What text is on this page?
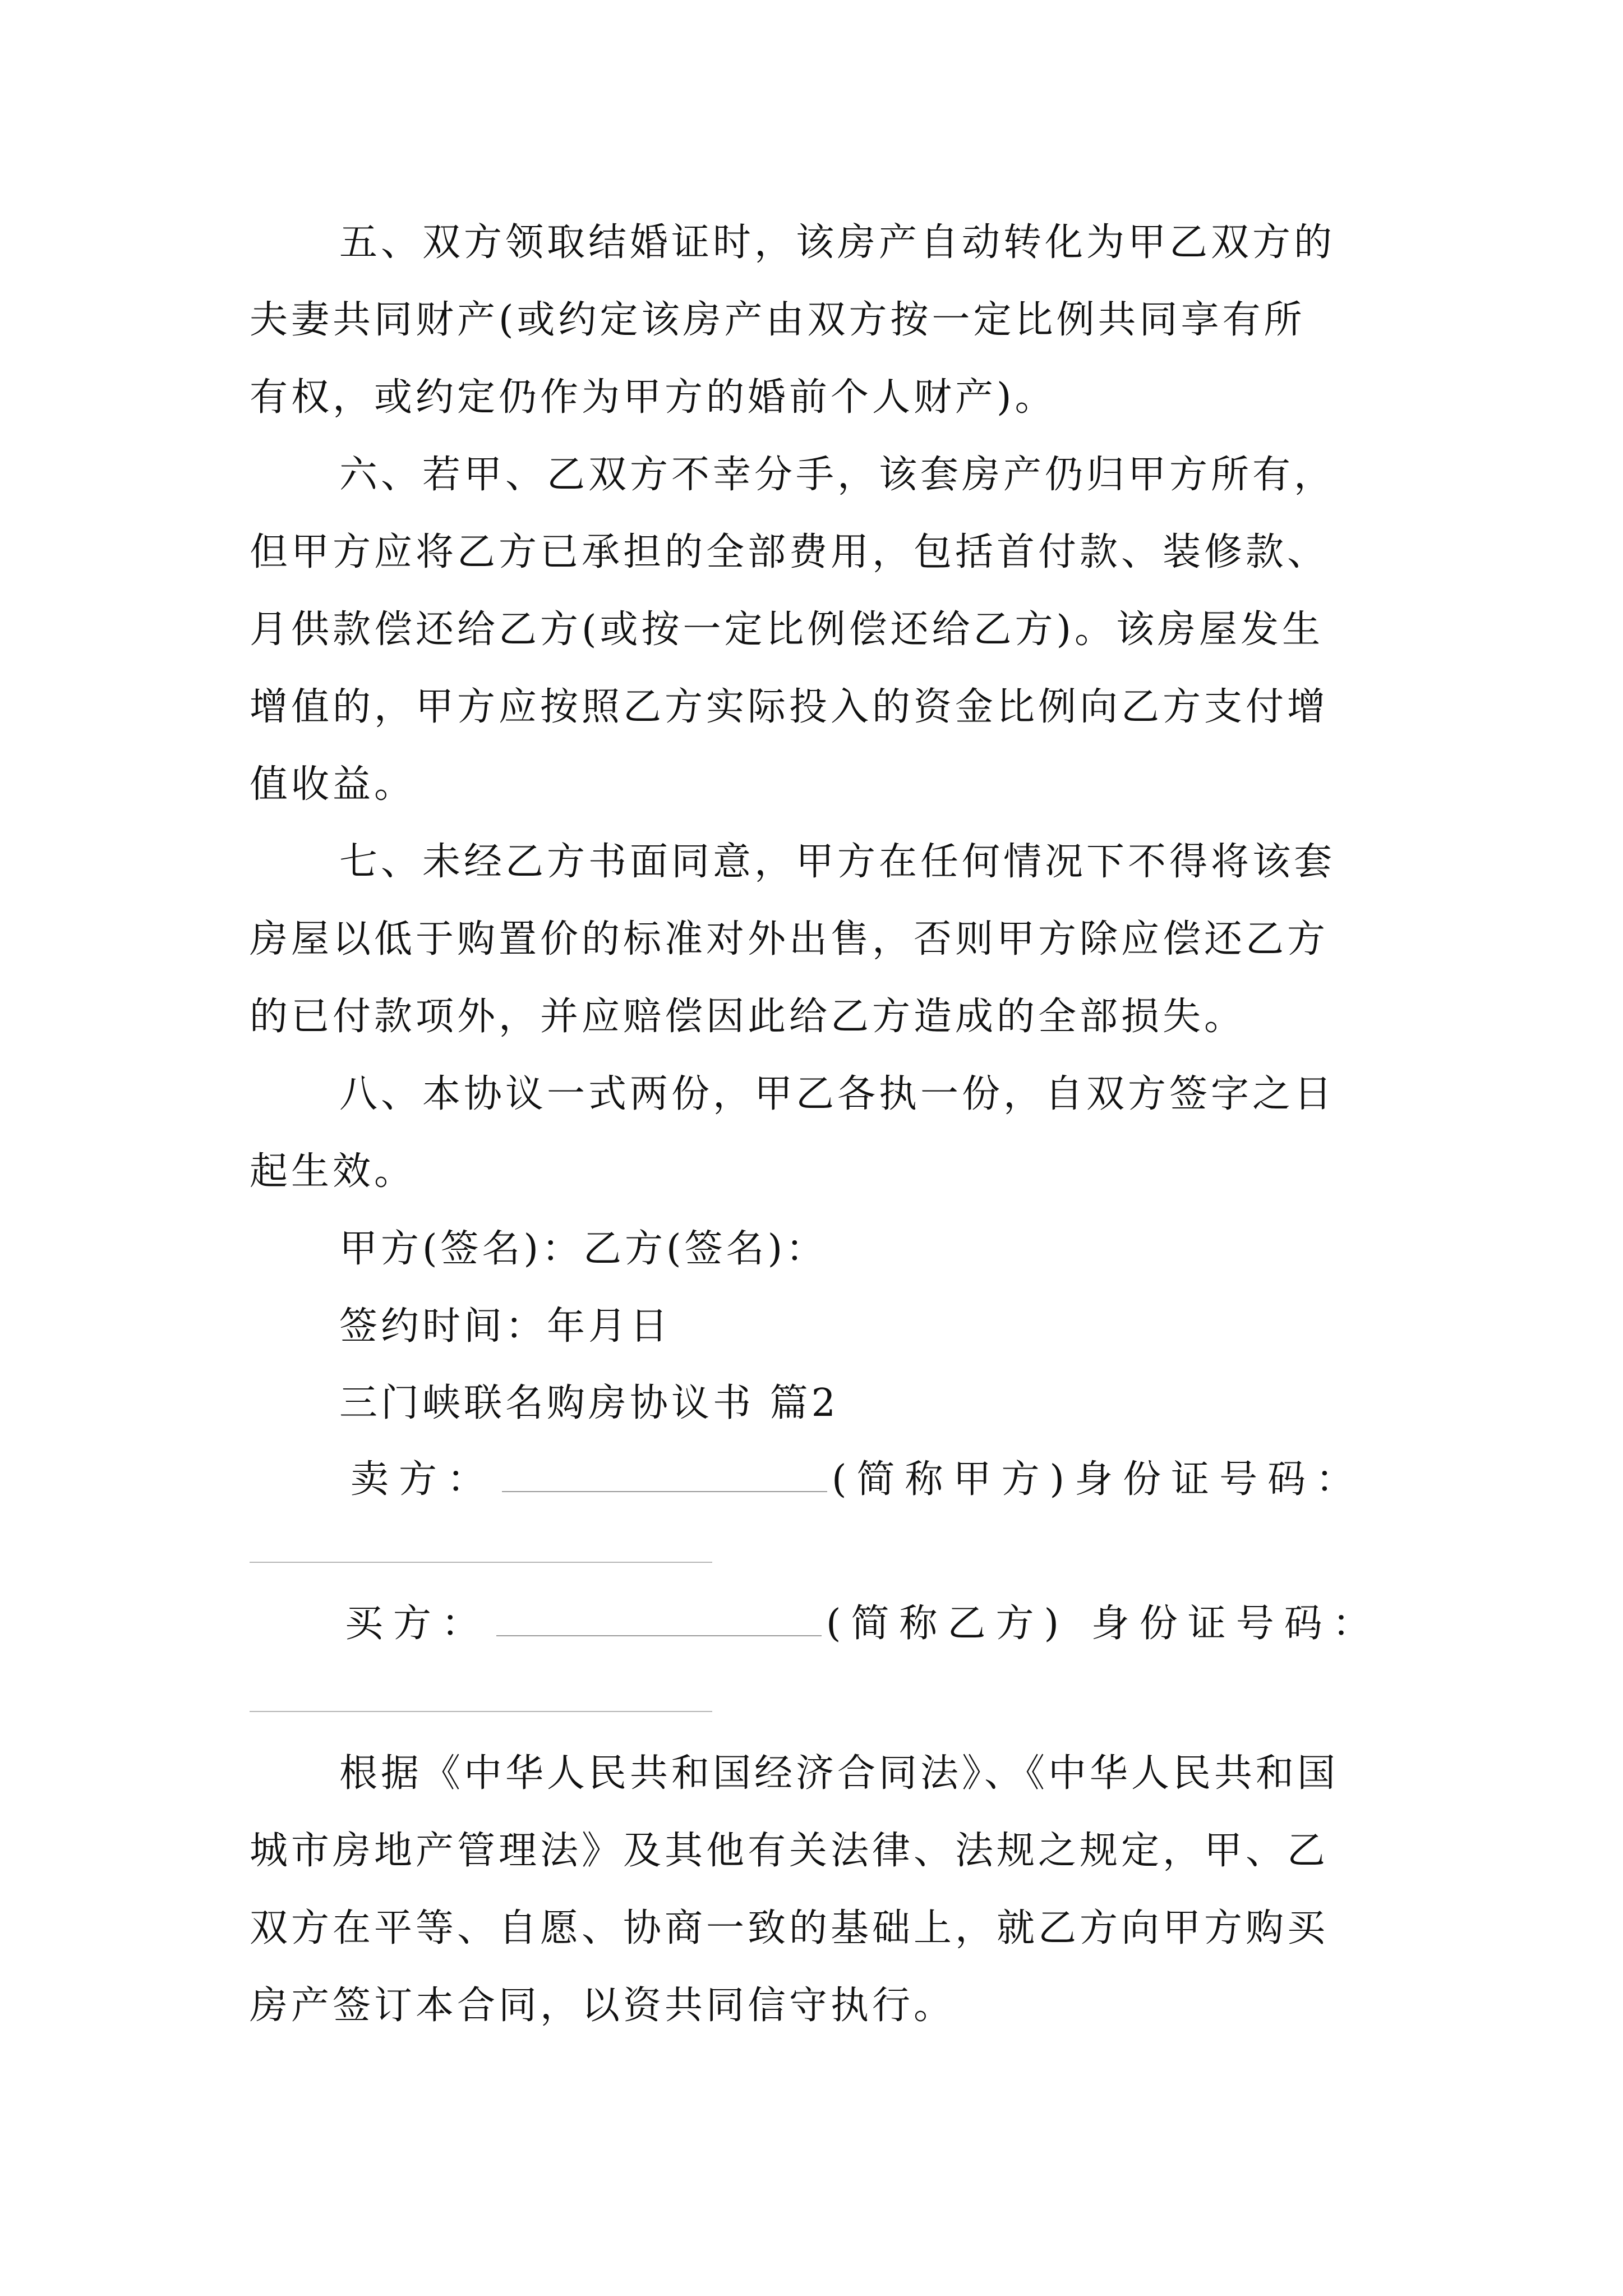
五、双方领取结婚证时，该房产自动转化为甲乙双方的
夫妻共同财产(或约定该房产由双方按一定比例共同享有所
有权，或约定仍作为甲方的婚前个人财产)。
六、若甲、乙双方不幸分手，该套房产仍归甲方所有，
但甲方应将乙方已承担的全部费用，包括首付款、装修款、
月供款偿还给乙方(或按一定比例偿还给乙方)。该房屋发生
增值的，甲方应按照乙方实际投入的资金比例向乙方支付增
值收益。
七、未经乙方书面同意，甲方在任何情况下不得将该套
房屋以低于购置价的标准对外出售，否则甲方除应偿还乙方
的已付款项外，并应赔偿因此给乙方造成的全部损失。
八、本协议一式两份，甲乙各执一份，自双方签字之日
起生效。
甲方(签名)：乙方(签名)：
签约时间：年月日
三门峡联名购房协议书 篇2
卖方：	(简称甲方)身份证号码：
买方：	(简称乙方) 身份证号码：
根据《中华人民共和国经济合同法》、《中华人民共和国
城市房地产管理法》及其他有关法律、法规之规定，甲、乙
双方在平等、自愿、协商一致的基础上，就乙方向甲方购买
房产签订本合同，以资共同信守执行。
